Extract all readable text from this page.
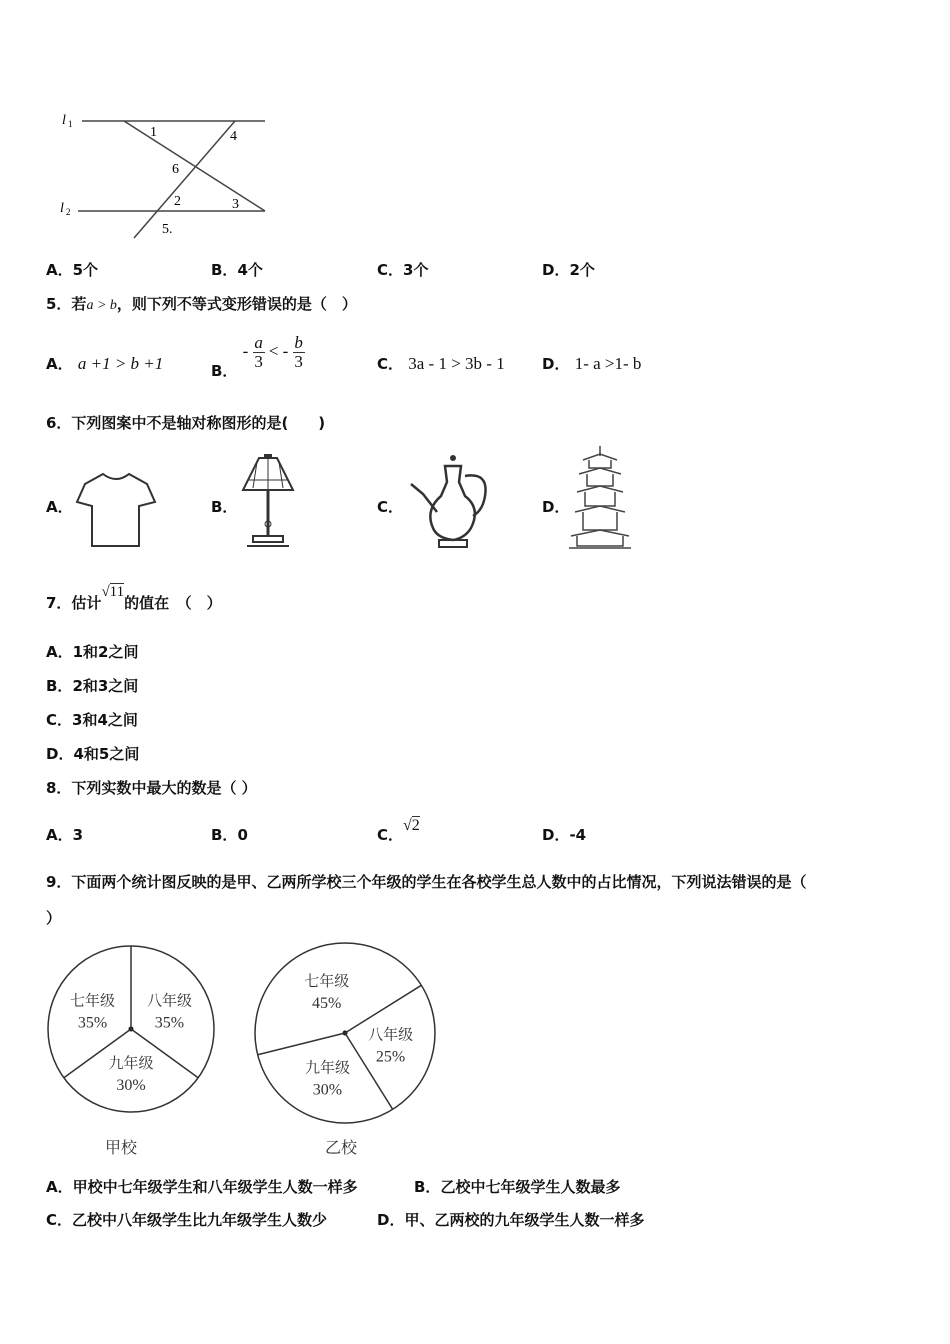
l 1
l 2
1	4
6
2	3
5.
A．5个	B．4个	C．3个	D．2个
5．若a > b，则下列不等式变形错误的是（　）
A． a +1 > b +1	B． - $\frac{a}{3}$ < - $\frac{b}{3}$	C． 3a - 1 > 3b - 1 D． 1- a >1- b
6．下列图案中不是轴对称图形的是(　　)
A．	B．	C．	D．
7．估计√11的值在　（　）
A．1和2之间
B．2和3之间
C．3和4之间
D．4和5之间
8．下列实数中最大的数是（ ）
A．3	B．0	C．√2
D．-4
9．下面两个统计图反映的是甲、乙两所学校三个年级的学生在各校学生总人数中的占比情况，下列说法错误的是（
）
八年级
35%
九年级
30%
七年级
35%
甲校
八年级
25%
九年级
30%
七年级
45%
乙校
A．甲校中七年级学生和八年级学生人数一样多	B．乙校中七年级学生人数最多
C．乙校中八年级学生比九年级学生人数少	D．甲、乙两校的九年级学生人数一样多
